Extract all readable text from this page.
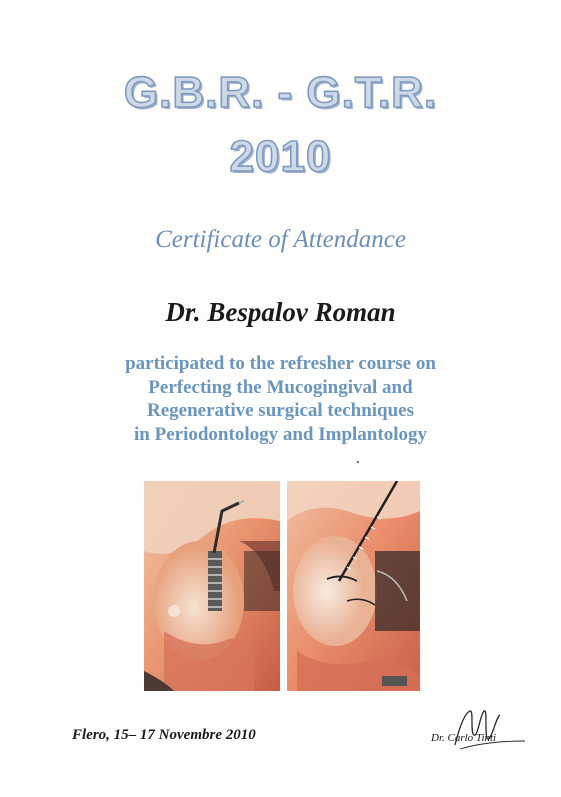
G.B.R. - G.T.R.
2010
Certificate of Attendance
Dr. Bespalov Roman
participated to the refresher course on
Perfecting the Mucogingival and
Regenerative surgical techniques
in Periodontology and Implantology
Flero, 15– 17 Novembre 2010	Dr. Carlo Tinti
